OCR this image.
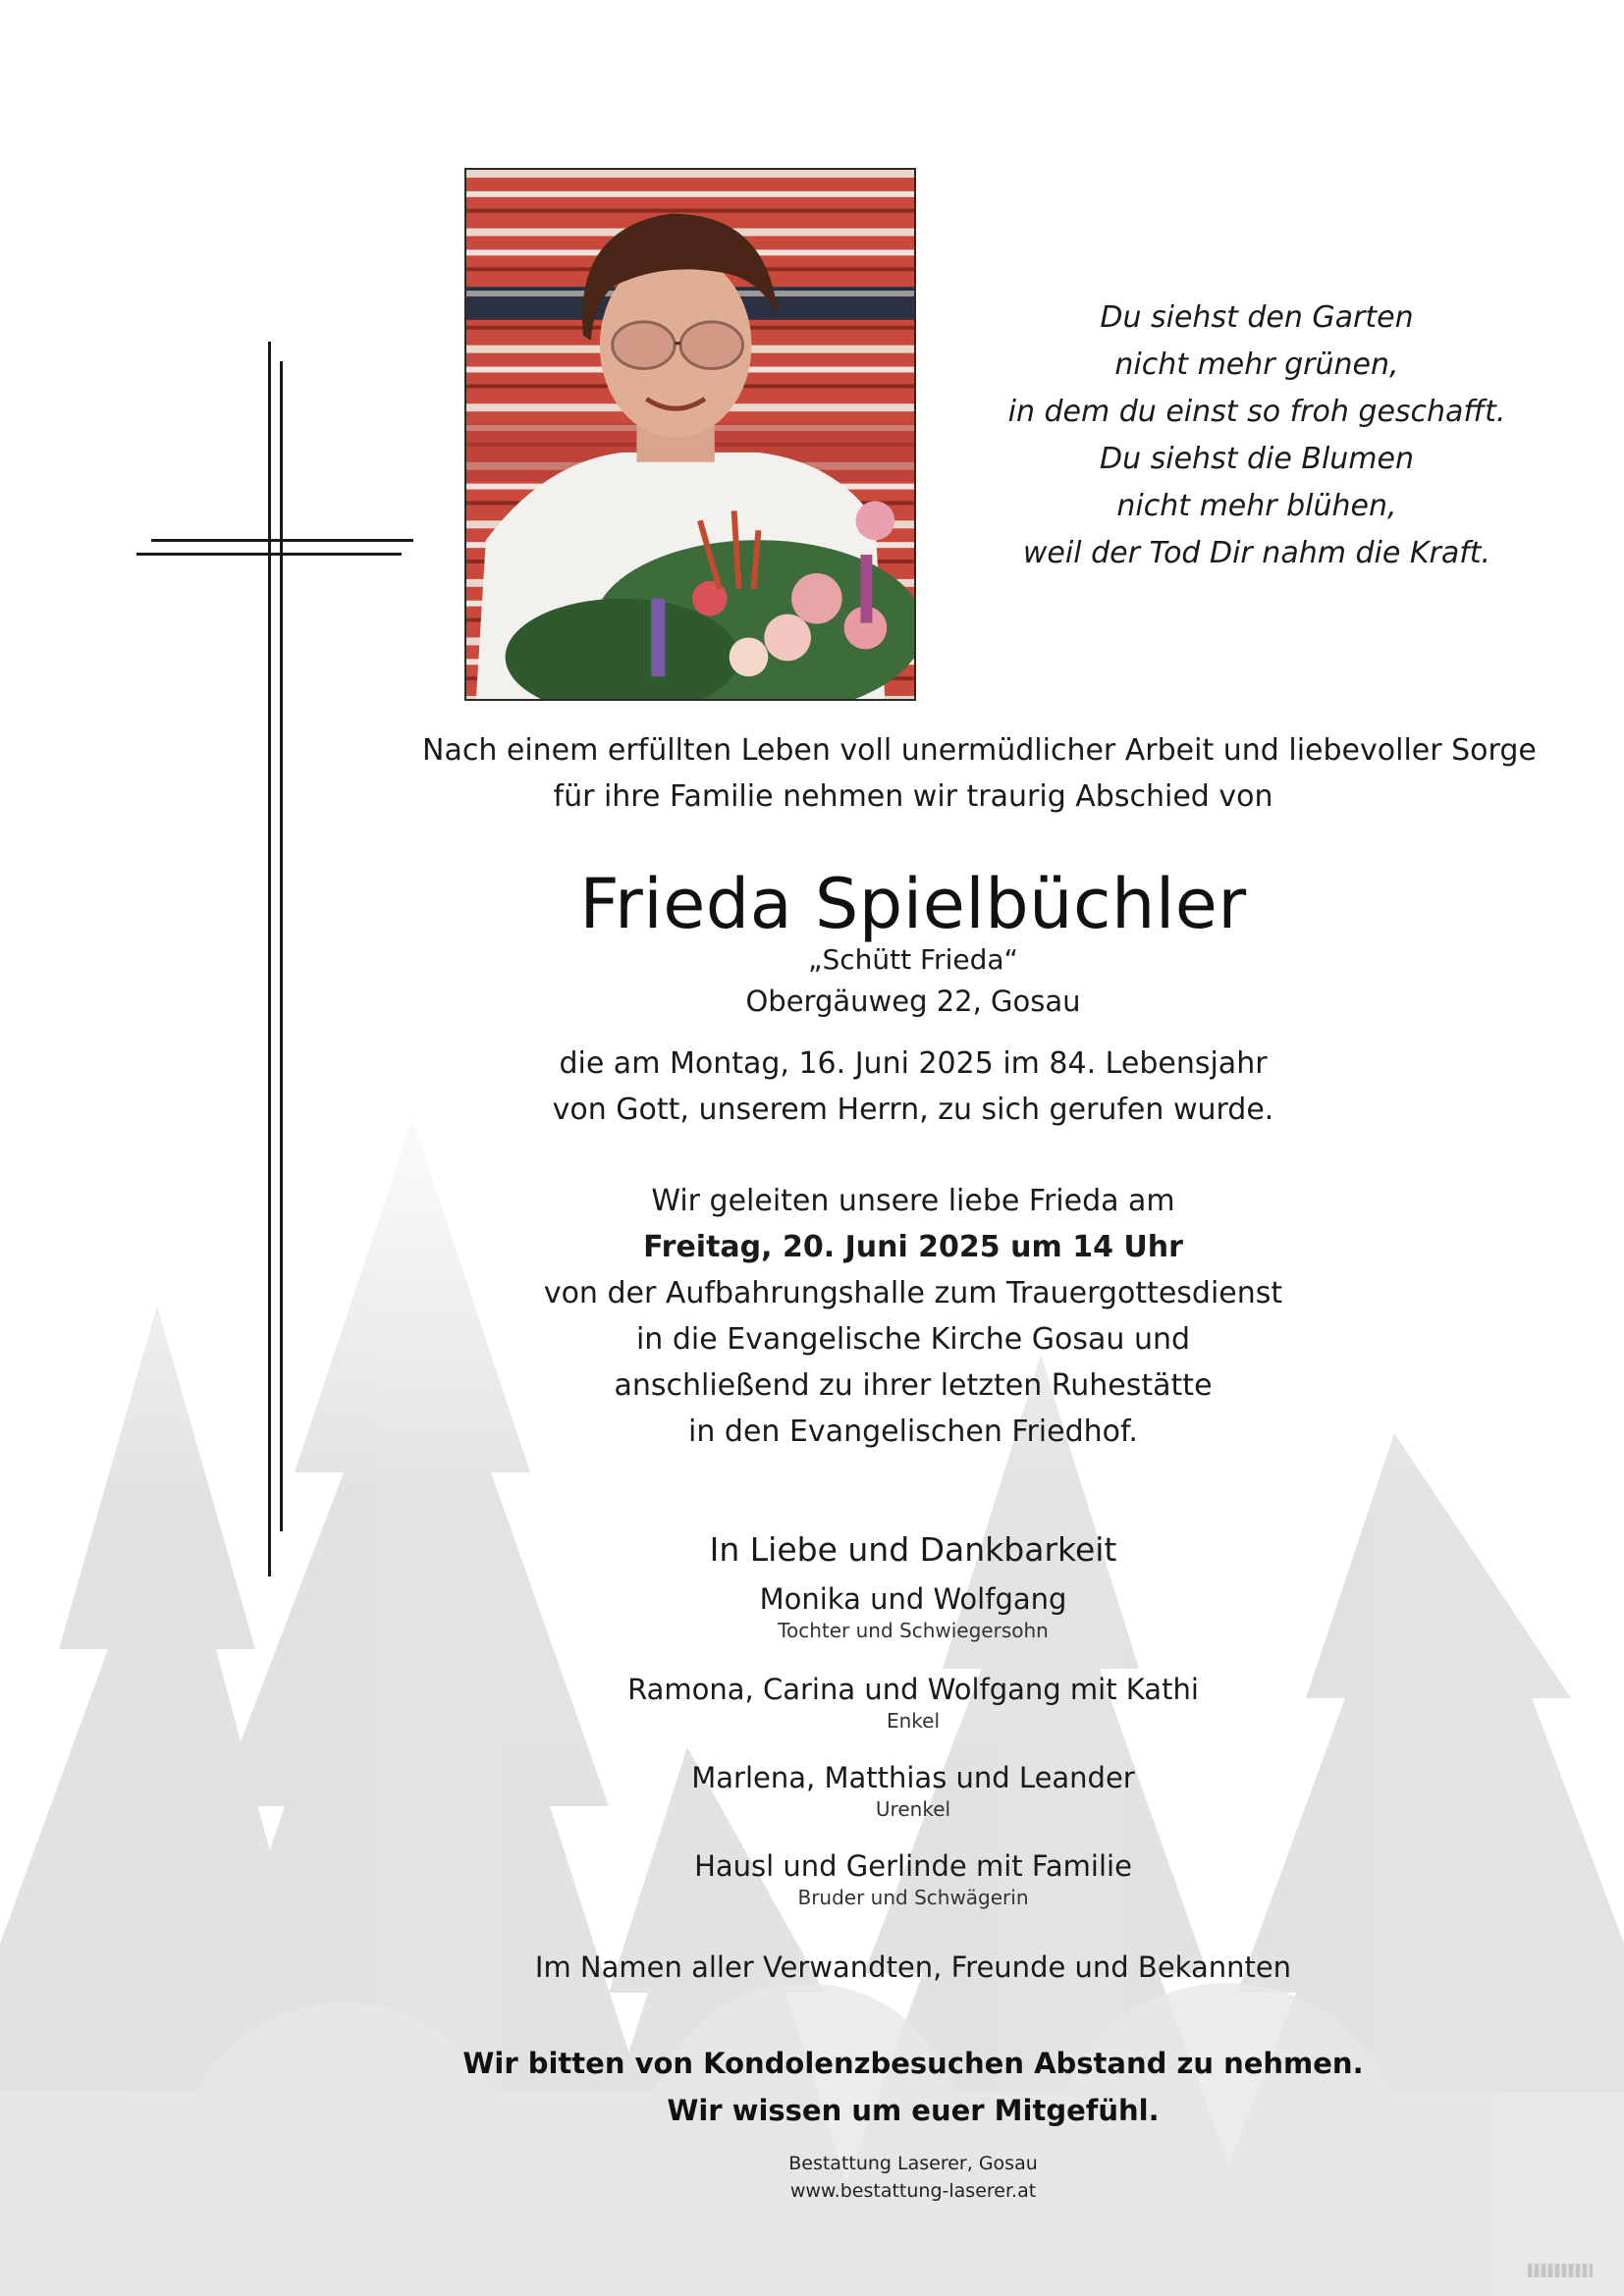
Du siehst den Garten
nicht mehr grünen,
in dem du einst so froh geschafft.
Du siehst die Blumen
nicht mehr blühen,
weil der Tod Dir nahm die Kraft.
Nach einem erfüllten Leben voll unermüdlicher Arbeit und liebevoller Sorge
für ihre Familie nehmen wir traurig Abschied von
Frieda Spielbüchler
„Schütt Frieda“
Obergäuweg 22, Gosau
die am Montag, 16. Juni 2025 im 84. Lebensjahr
von Gott, unserem Herrn, zu sich gerufen wurde.
Wir geleiten unsere liebe Frieda am
Freitag, 20. Juni 2025 um 14 Uhr
von der Aufbahrungshalle zum Trauergottesdienst
in die Evangelische Kirche Gosau und
anschließend zu ihrer letzten Ruhestätte
in den Evangelischen Friedhof.
In Liebe und Dankbarkeit
Monika und Wolfgang
Tochter und Schwiegersohn
Ramona, Carina und Wolfgang mit Kathi
Enkel
Marlena, Matthias und Leander
Urenkel
Hausl und Gerlinde mit Familie
Bruder und Schwägerin
Im Namen aller Verwandten, Freunde und Bekannten
Wir bitten von Kondolenzbesuchen Abstand zu nehmen.
Wir wissen um euer Mitgefühl.
Bestattung Laserer, Gosau
www.bestattung-laserer.at
